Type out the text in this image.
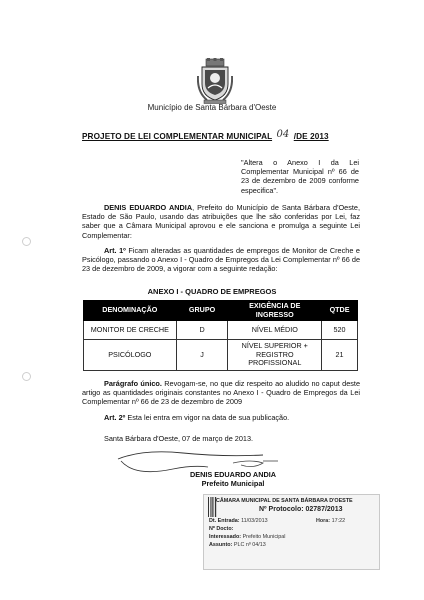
Município de Santa Bárbara d'Oeste
PROJETO DE LEI COMPLEMENTAR MUNICIPAL 04 /DE 2013
"Altera o Anexo I da Lei Complementar Municipal nº 66 de 23 de dezembro de 2009 conforme especifica".
DENIS EDUARDO ANDIA, Prefeito do Município de Santa Bárbara d'Oeste, Estado de São Paulo, usando das atribuições que lhe são conferidas por Lei, faz saber que a Câmara Municipal aprovou e ele sanciona e promulga a seguinte Lei Complementar:
Art. 1º Ficam alteradas as quantidades de empregos de Monitor de Creche e Psicólogo, passando o Anexo I - Quadro de Empregos da Lei Complementar nº 66 de 23 de dezembro de 2009, a vigorar com a seguinte redação:
ANEXO I - QUADRO DE EMPREGOS
DENOMINAÇÃO	GRUPO	EXIGÊNCIA DE INGRESSO	QTDE
MONITOR DE CRECHE	D	NÍVEL MÉDIO	520
PSICÓLOGO	J	NÍVEL SUPERIOR + REGISTRO PROFISSIONAL	21
Parágrafo único. Revogam-se, no que diz respeito ao aludido no caput deste artigo as quantidades originais constantes no Anexo I - Quadro de Empregos da Lei Complementar nº 66 de 23 de dezembro de 2009
Art. 2º Esta lei entra em vigor na data de sua publicação.
Santa Bárbara d'Oeste, 07 de março de 2013.
DENIS EDUARDO ANDIA
Prefeito Municipal
CÂMARA MUNICIPAL DE SANTA BÁRBARA D'OESTE
Nº Protocolo: 02787/2013
Dt. Entrada: 11/03/2013	Hora: 17:22
Nº Docto:
Interessado: Prefeito Municipal
Assunto: PLC nº 04/13
